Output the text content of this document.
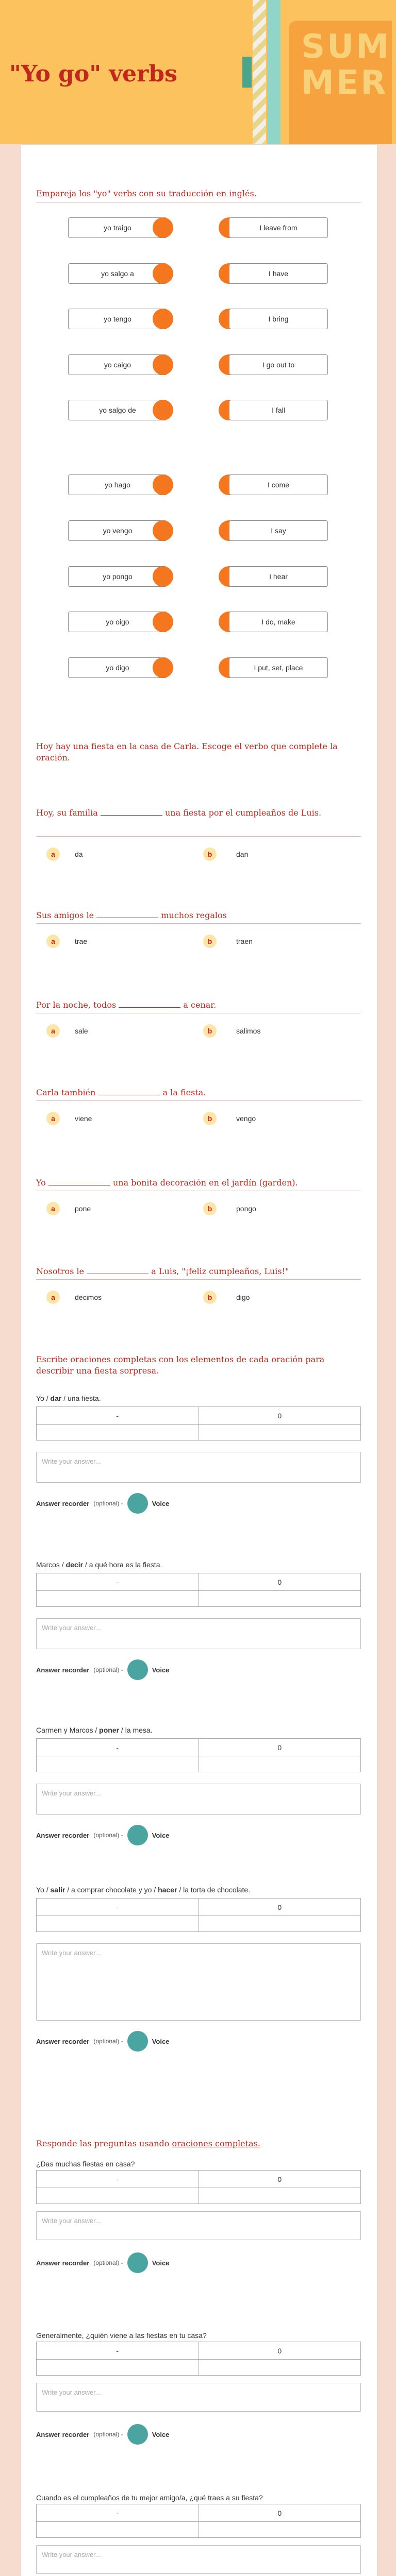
"Yo go" verbs
SUM
MER
Empareja los "yo" verbs con su traducción en inglés.
yo traigo	I leave from
yo salgo a	I have
yo tengo	I bring
yo caigo	I go out to
yo salgo de	I fall
yo hago	I come
yo vengo	I say
yo pongo	I hear
yo oigo	I do, make
yo digo	I put, set, place
Hoy hay una fiesta en la casa de Carla. Escoge el verbo que complete la oración.
Hoy, su familia	una fiesta por el cumpleaños de Luis.
a	da	b	dan
Sus amigos le	muchos regalos
a	trae	b	traen
Por la noche, todos	a cenar.
a	sale	b	salimos
Carla también	a la fiesta.
a	viene	b	vengo
Yo	una bonita decoración en el jardín (garden).
a	pone	b	pongo
Nosotros le	a Luis, "¡feliz cumpleaños, Luis!"
a	decimos	b	digo
Escribe oraciones completas con los elementos de cada oración para describir una fiesta sorpresa.
Yo / dar / una fiesta.
-	0
Write your answer...
Answer recorder (optional) -	Voice
Marcos / decir / a qué hora es la fiesta.
-	0
Write your answer...
Answer recorder (optional) -	Voice
Carmen y Marcos / poner / la mesa.
-	0
Write your answer...
Answer recorder (optional) -	Voice
Yo / salir / a comprar chocolate y yo / hacer / la torta de chocolate.
-	0
Write your answer...
Answer recorder (optional) -	Voice
Responde las preguntas usando oraciones completas.
¿Das muchas fiestas en casa?
-	0
Write your answer...
Answer recorder (optional) -	Voice
Generalmente, ¿quién viene a las fiestas en tu casa?
-	0
Write your answer...
Answer recorder (optional) -	Voice
Cuando es el cumpleaños de tu mejor amigo/a, ¿qué traes a su fiesta?
-	0
Write your answer...
